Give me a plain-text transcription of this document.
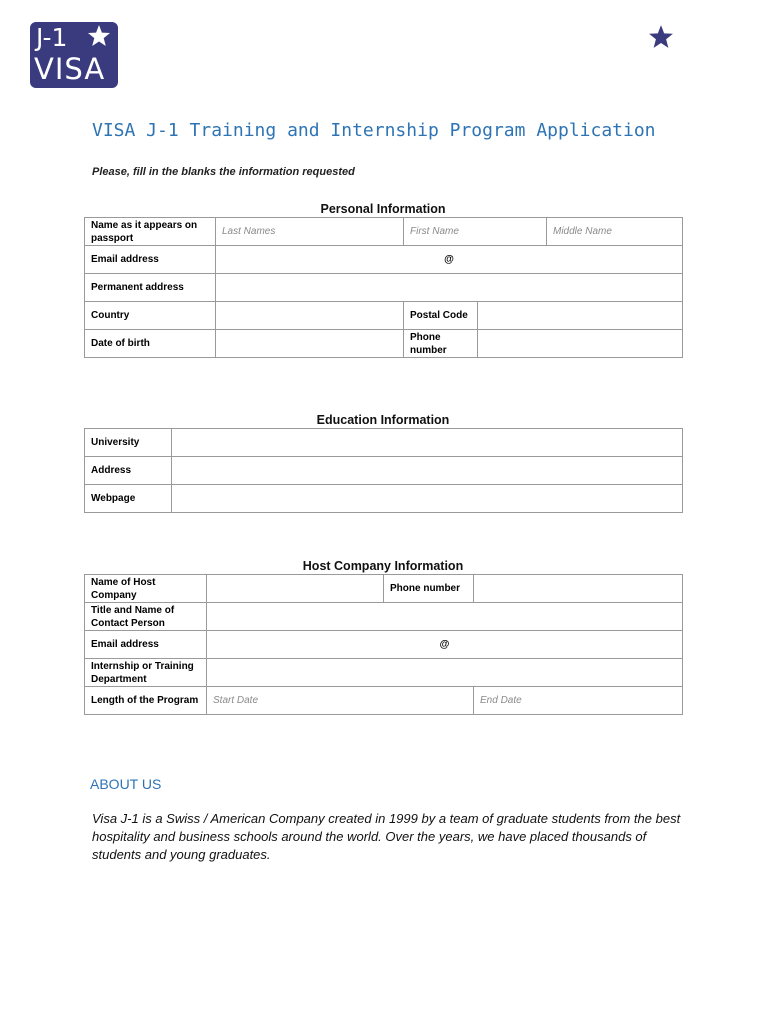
J-1
VISA
VISA J-1 Training and Internship Program Application
Please, fill in the blanks the information requested
Personal Information
Name as it appears on passport	Last Names	First Name		Middle Name
Email address	@			
Permanent address				
Country		Postal Code		
Date of birth		Phone number		
Education Information
University	
Address	
Webpage	
Host Company Information
Name of Host Company		Phone number	
Title and Name of Contact Person			
Email address	@		
Internship or Training Department			
Length of the Program	Start Date		End Date
ABOUT US
Visa J-1 is a Swiss / American Company created in 1999 by a team of graduate students from the best hospitality and business schools around the world. Over the years, we have placed thousands of students and young graduates.
